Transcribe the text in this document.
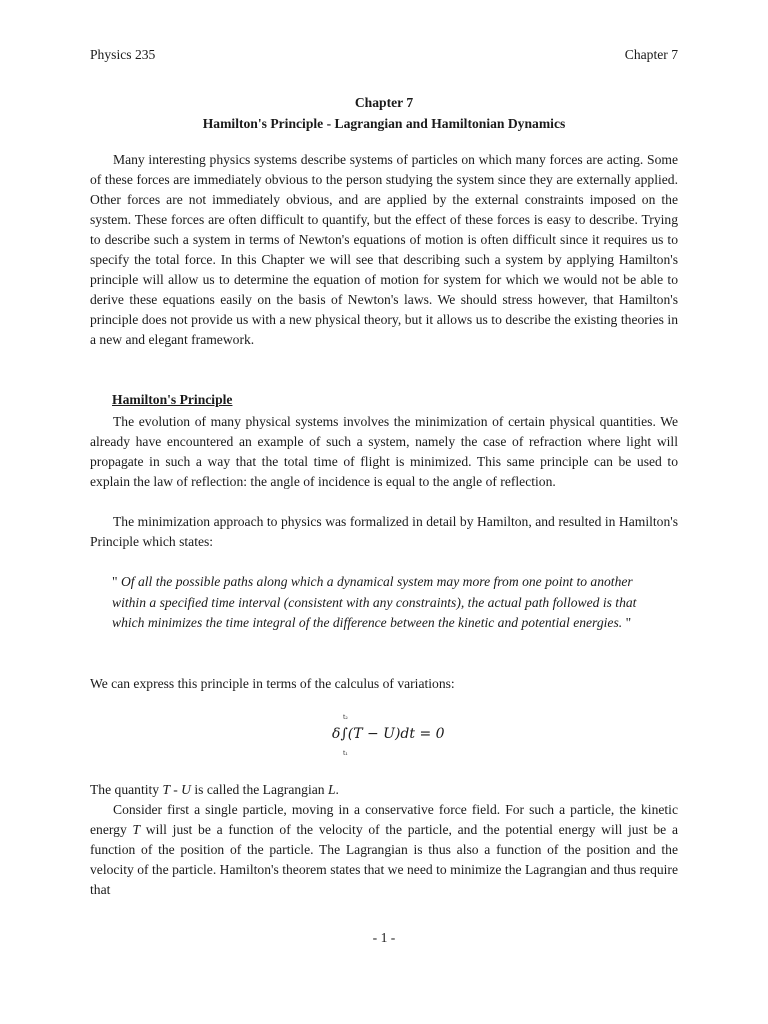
Physics 235	Chapter 7
Chapter 7
Hamilton's Principle - Lagrangian and Hamiltonian Dynamics
Many interesting physics systems describe systems of particles on which many forces are acting. Some of these forces are immediately obvious to the person studying the system since they are externally applied. Other forces are not immediately obvious, and are applied by the external constraints imposed on the system. These forces are often difficult to quantify, but the effect of these forces is easy to describe. Trying to describe such a system in terms of Newton's equations of motion is often difficult since it requires us to specify the total force. In this Chapter we will see that describing such a system by applying Hamilton's principle will allow us to determine the equation of motion for system for which we would not be able to derive these equations easily on the basis of Newton's laws. We should stress however, that Hamilton's principle does not provide us with a new physical theory, but it allows us to describe the existing theories in a new and elegant framework.
Hamilton's Principle
The evolution of many physical systems involves the minimization of certain physical quantities. We already have encountered an example of such a system, namely the case of refraction where light will propagate in such a way that the total time of flight is minimized. This same principle can be used to explain the law of reflection: the angle of incidence is equal to the angle of reflection.
The minimization approach to physics was formalized in detail by Hamilton, and resulted in Hamilton's Principle which states:
" Of all the possible paths along which a dynamical system may more from one point to another within a specified time interval (consistent with any constraints), the actual path followed is that which minimizes the time integral of the difference between the kinetic and potential energies. "
We can express this principle in terms of the calculus of variations:
t₂
δ∫(T − U)dt = 0
t₁
The quantity T - U is called the Lagrangian L.
Consider first a single particle, moving in a conservative force field. For such a particle, the kinetic energy T will just be a function of the velocity of the particle, and the potential energy will just be a function of the position of the particle. The Lagrangian is thus also a function of the position and the velocity of the particle. Hamilton's theorem states that we need to minimize the Lagrangian and thus require that
- 1 -
